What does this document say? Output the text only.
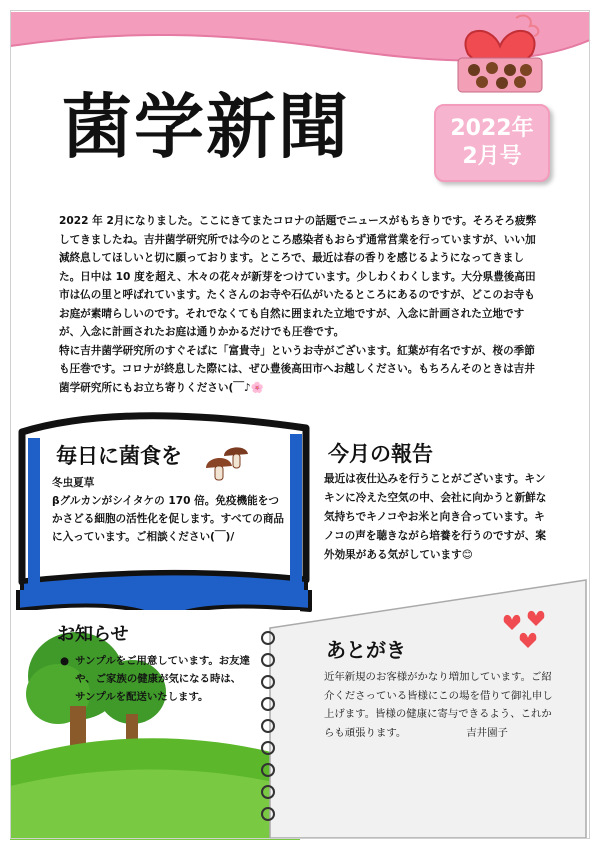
菌学新聞	2022年
2月号

2022 年 2月になりました。ここにきてまたコロナの話題でニュースがもちきりです。そろそろ疲弊してきましたね。吉井菌学研究所では今のところ感染者もおらず通常営業を行っていますが、いい加減終息してほしいと切に願っております。ところで、最近は春の香りを感じるようになってきました。日中は 10 度を超え、木々の花々が新芽をつけています。少しわくわくします。大分県豊後高田市は仏の里と呼ばれています。たくさんのお寺や石仏がいたるところにあるのですが、どこのお寺もお庭が素晴らしいのです。それでなくても自然に囲まれた立地ですが、入念に計画された立地ですが、入念に計画されたお庭は通りかかるだけでも圧巻です。

特に吉井菌学研究所のすぐそばに「富貴寺」というお寺がございます。紅葉が有名ですが、桜の季節も圧巻です。コロナが終息した際には、ぜひ豊後高田市へお越しください。もちろんそのときは吉井菌学研究所にもお立ち寄りください(￣♪🌸

毎日に菌食を

冬虫夏草

βグルカンがシイタケの 170 倍。免疫機能をつかさどる細胞の活性化を促します。すべての商品に入っています。ご相談ください(￣)/

今月の報告
最近は夜仕込みを行うことがございます。キンキンに冷えた空気の中、会社に向かうと新鮮な気持ちでキノコやお米と向き合っています。キノコの声を聴きながら培養を行うのですが、案外効果がある気がしています😊
お知らせ
● サンプルをご用意しています。お友達や、ご家族の健康が気になる時は、サンプルを配送いたします。
あとがき
近年新規のお客様がかなり増加しています。ご紹介くださっている皆様にこの場を借りて御礼申し上げます。皆様の健康に寄与できるよう、これからも頑張ります。	吉井園子
